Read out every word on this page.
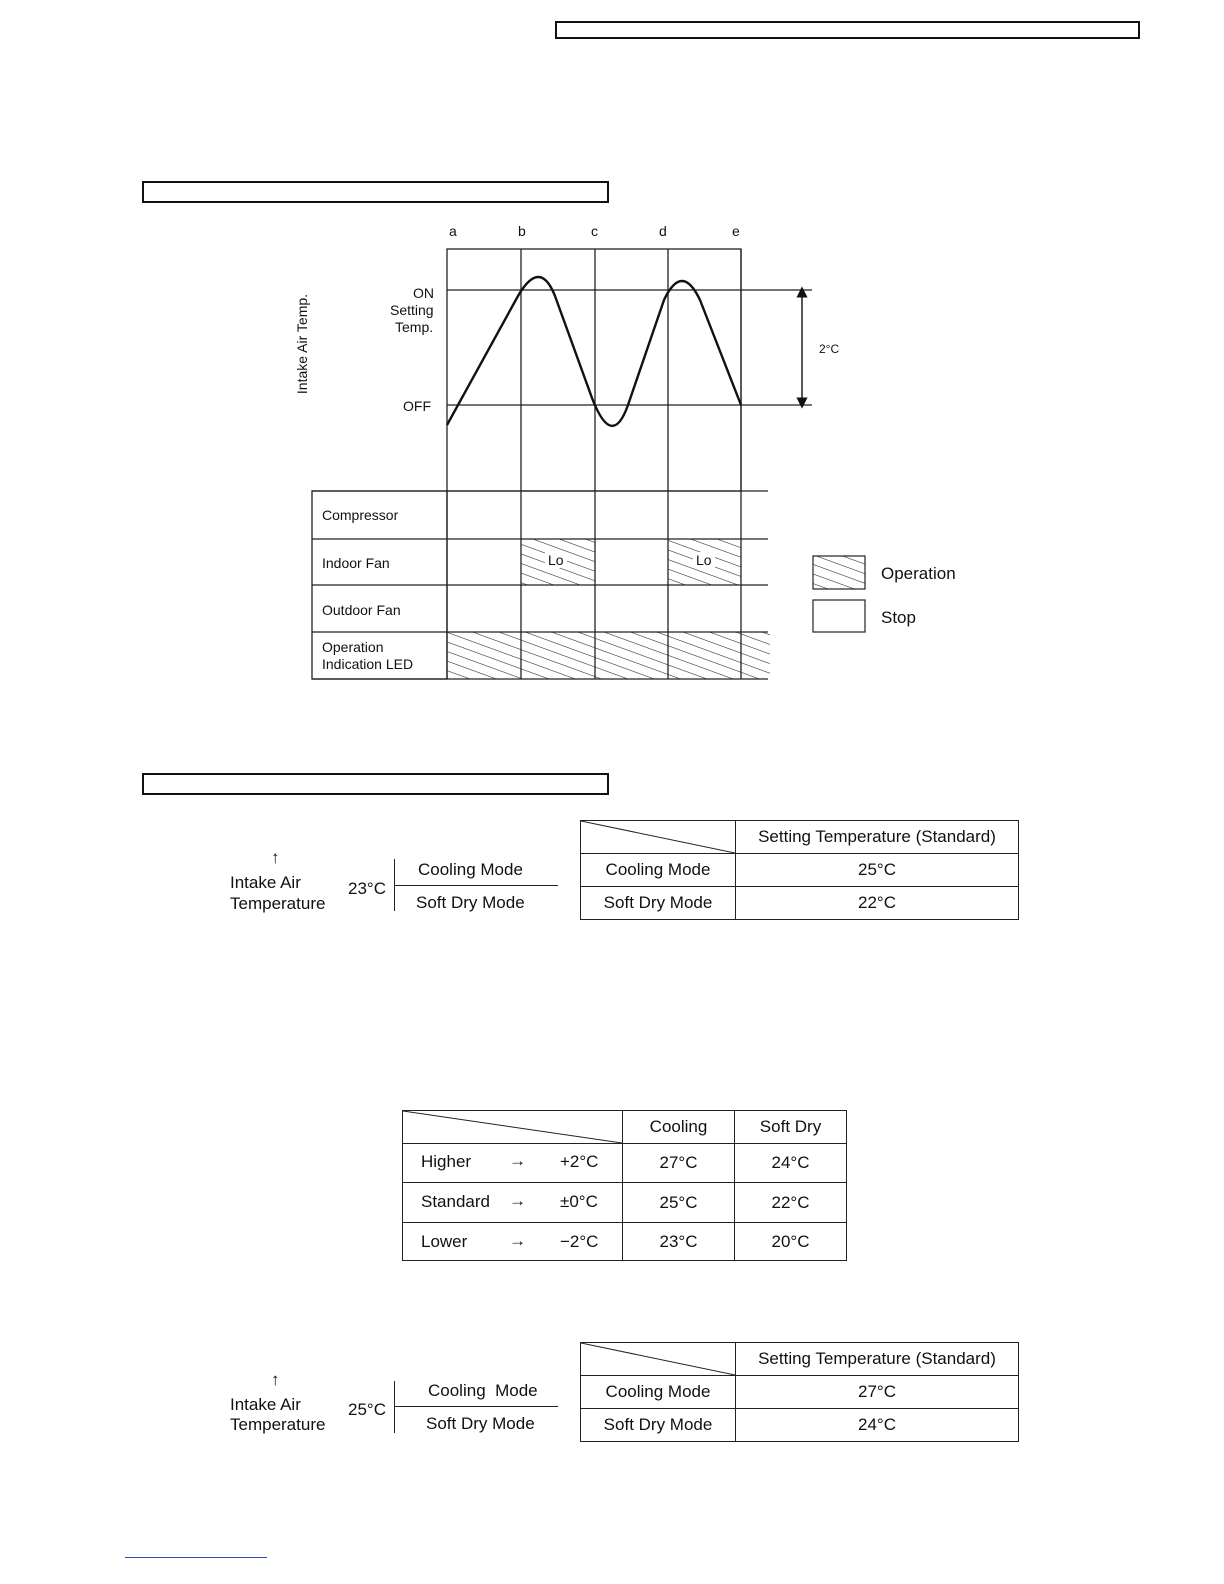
a	b	c	d	e
Intake Air Temp.
ON
Setting
Temp.
OFF
2°C
Compressor
Indoor Fan
Outdoor Fan
Operation
Indication LED
Lo	Lo
Operation
Stop
↑
Intake Air
Temperature
23°C
Cooling Mode
Soft Dry Mode
	Setting Temperature (Standard)
Cooling Mode	25°C
Soft Dry Mode	22°C
	Cooling	Soft Dry

Higher → +2°C	27°C	24°C

Standard → ±0°C	25°C	22°C

Lower → −2°C	23°C	20°C
↑
Intake Air
Temperature
25°C
Cooling  Mode
Soft Dry Mode
	Setting Temperature (Standard)
Cooling Mode	27°C
Soft Dry Mode	24°C
